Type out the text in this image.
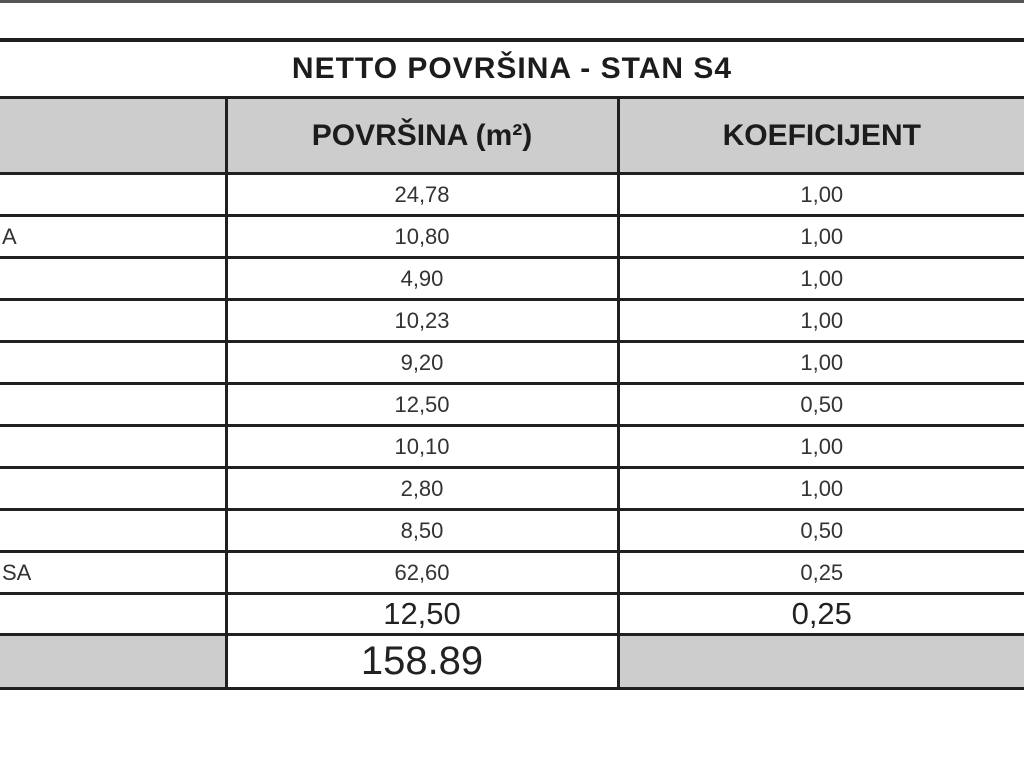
NETTO POVRŠINA - STAN S4		
	POVRŠINA (m²)	KOEFICIJENT
	24,78	1,00
A	10,80	1,00
	4,90	1,00
	10,23	1,00
	9,20	1,00
	12,50	0,50
	10,10	1,00
	2,80	1,00
	8,50	0,50
SA	62,60	0,25
	12,50	0,25
	158.89	
